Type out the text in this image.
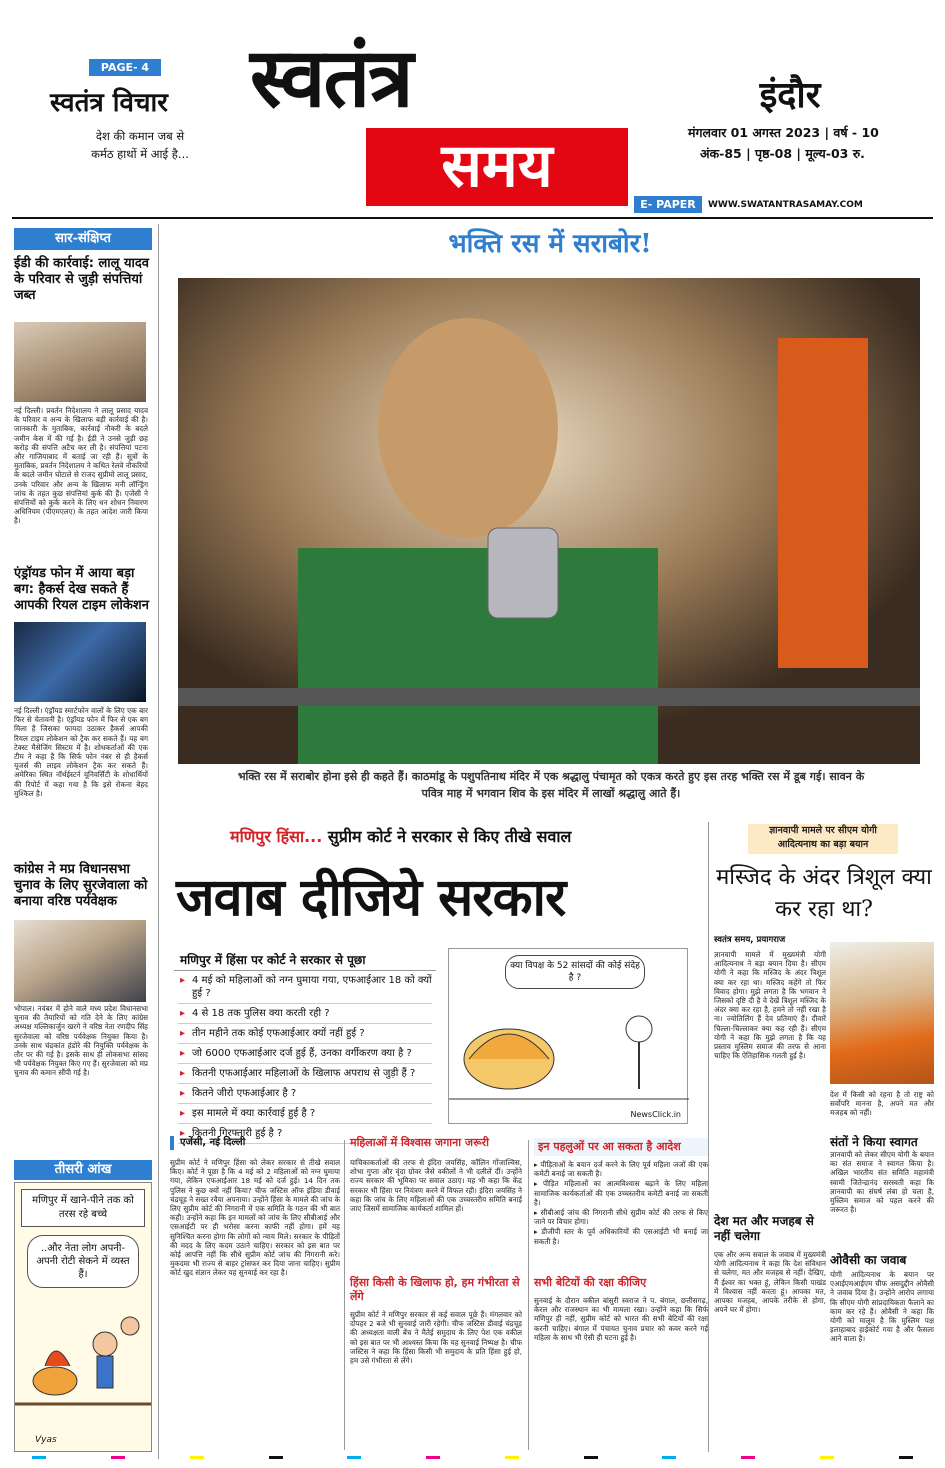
PAGE- 4
स्वतंत्र विचार
देश की कमान जब से
कर्मठ हाथों में आई है...
स्वतंत्र
समय
इंदौर
मंगलवार 01 अगस्त 2023 | वर्ष - 10
अंक-85 | पृष्ठ-08 | मूल्य-03 रु.
E- PAPER	WWW.SWATANTRASAMAY.COM
सार-संक्षिप्त
ईडी की कार्रवाई: लालू यादव के परिवार से जुड़ी संपत्तियां जब्त
नई दिल्ली। प्रवर्तन निदेशालय ने लालू प्रसाद यादव के परिवार व अन्य के खिलाफ बड़ी कार्रवाई की है। जानकारी के मुताबिक, कार्रवाई नौकरी के बदले जमीन केस में की गई है। ईडी ने उनसे जुड़ी छह करोड़ की संपत्ति अटैच कर ली है। संपत्तियां पटना और गाजियाबाद में बताई जा रही हैं। सूत्रों के मुताबिक, प्रवर्तन निदेशालय ने कथित रेलवे नौकरियों के बदले जमीन घोटाले से राजद सुप्रीमो लालू प्रसाद, उनके परिवार और अन्य के खिलाफ मनी लॉन्ड्रिंग जांच के तहत कुछ संपत्तियां कुर्क की हैं। एजेंसी ने संपत्तियों को कुर्क करने के लिए धन शोधन निवारण अधिनियम (पीएमएलए) के तहत आदेश जारी किया है।
एंड्रॉयड फोन में आया बड़ा बग: हैकर्स देख सकते हैं आपकी रियल टाइम लोकेशन
नई दिल्ली। एंड्रॉयड स्मार्टफोन वालों के लिए एक बार फिर से चेतावनी है। एंड्रॉयड फोन में फिर से एक बग मिला है जिसका फायदा उठाकर हैकर्स आपकी रियल टाइम लोकेशन को ट्रैक कर सकते हैं। यह बग टेक्स्ट मैसेजिंग सिस्टम में है। शोधकर्ताओं की एक टीम ने कहा है कि सिर्फ फोन नंबर से ही हैकर्स यूजर्स की लाइव लोकेशन ट्रैक कर सकते हैं। अमेरिका स्थित नॉर्थईस्टर्न यूनिवर्सिटी के शोधार्थियों की रिपोर्ट में कहा गया है कि इसे रोकना बेहद मुश्किल है।
कांग्रेस ने मप्र विधानसभा चुनाव के लिए सुरजेवाला को बनाया वरिष्ठ पर्यवेक्षक
भोपाल। नवंबर में होने वाले मध्य प्रदेश विधानसभा चुनाव की तैयारियों को गति देने के लिए कांग्रेस अध्यक्ष मल्लिकार्जुन खरगे ने वरिष्ठ नेता रणदीप सिंह सुरजेवाला को वरिष्ठ पर्यवेक्षक नियुक्त किया है। उनके साथ चंद्रकांत हंडोरे की नियुक्ति पर्यवेक्षक के तौर पर की गई है। इसके साथ ही लोकसभा सांसद भी पर्यवेक्षक नियुक्त किए गए हैं। सुरजेवाला को मप्र चुनाव की कमान सौंपी गई है।
तीसरी आंख
मणिपुर में खाने-पीने तक को तरस रहे बच्चे
..और नेता लोग अपनी-अपनी रोटी सेकने में व्यस्त हैं।
Vyas
भक्ति रस में सराबोर!
भक्ति रस में सराबोर होना इसे ही कहते हैं। काठमांडू के पशुपतिनाथ मंदिर में एक श्रद्धालु पंचामृत को एकत्र करते हुए इस तरह भक्ति रस में डूब गई। सावन के पवित्र माह में भगवान शिव के इस मंदिर में लाखों श्रद्धालु आते हैं।
मणिपुर हिंसा... सुप्रीम कोर्ट ने सरकार से किए तीखे सवाल
जवाब दीजिये सरकार
मणिपुर में हिंसा पर कोर्ट ने सरकार से पूछा
▸ 4 मई को महिलाओं को नग्न घुमाया गया, एफआईआर 18 को क्यों हुई ?
▸ 4 से 18 तक पुलिस क्या करती रही ?
▸ तीन महीने तक कोई एफआईआर क्यों नहीं हुई ?
▸ जो 6000 एफआईआर दर्ज हुई हैं, उनका वर्गीकरण क्या है ?
▸ कितनी एफआईआर महिलाओं के खिलाफ अपराध से जुड़ी हैं ?
▸ कितने जीरो एफआईआर है ?
▸ इस मामले में क्या कार्रवाई हुई है ?
▸ कितनी गिरफ्तारी हुई है ?
क्या विपक्ष के 52 सांसदों की कोई संदेह है ?
NewsClick.in
एजेंसी, नई दिल्ली
सुप्रीम कोर्ट ने मणिपुर हिंसा को लेकर सरकार से तीखे सवाल किए। कोर्ट ने पूछा है कि 4 मई को 2 महिलाओं को नग्न घुमाया गया, लेकिन एफआईआर 18 मई को दर्ज हुई। 14 दिन तक पुलिस ने कुछ क्यों नहीं किया? चीफ जस्टिस ऑफ इंडिया डीवाई चंद्रचूड़ ने सख्त रवैया अपनाया। उन्होंने हिंसा के मामले की जांच के लिए सुप्रीम कोर्ट की निगरानी में एक समिति के गठन की भी बात कही। उन्होंने कहा कि इन मामलों को जांच के लिए सीबीआई और एसआईटी पर ही भरोसा करना काफी नहीं होगा। हमें यह सुनिश्चित करना होगा कि लोगों को न्याय मिले। सरकार के पीड़ितों की मदद के लिए कदम उठाने चाहिए। सरकार को इस बात पर कोई आपत्ति नहीं कि सीधे सुप्रीम कोर्ट जांच की निगरानी करे। मुकदमा भी राज्य से बाहर ट्रांसफर कर दिया जाना चाहिए। सुप्रीम कोर्ट खुद संज्ञान लेकर यह सुनवाई कर रहा है।
महिलाओं में विश्वास जगाना जरूरी
याचिकाकर्ताओं की तरफ से इंदिरा जयसिंह, कॉलिन गोंजाल्विस, शोभा गुप्ता और वृंदा ग्रोवर जैसे वकीलों ने भी दलीलें दीं। उन्होंने राज्य सरकार की भूमिका पर सवाल उठाए। यह भी कहा कि केंद्र सरकार भी हिंसा पर नियंत्रण करने में विफल रही। इंदिरा जयसिंह ने कहा कि जांच के लिए महिलाओं की एक उच्चस्तरीय समिति बनाई जाए जिसमें सामाजिक कार्यकर्ता शामिल हों।
हिंसा किसी के खिलाफ हो, हम गंभीरता से लेंगे
सुप्रीम कोर्ट ने मणिपुर सरकार से कई सवाल पूछे हैं। मंगलवार को दोपहर 2 बजे भी सुनवाई जारी रहेगी। चीफ जस्टिस डीवाई चंद्रचूड़ की अध्यक्षता वाली बेंच ने मैतेई समुदाय के लिए पेश एक वकील को इस बात पर भी आश्वस्त किया कि यह सुनवाई निष्पक्ष है। चीफ जस्टिस ने कहा कि हिंसा किसी भी समुदाय के प्रति हिंसा हुई हो, हम उसे गंभीरता से लेंगे।
इन पहलुओं पर आ सकता है आदेश

▸ पीड़िताओं के बयान दर्ज करने के लिए पूर्व महिला जजों की एक कमेटी बनाई जा सकती है।

▸ पीड़ित महिलाओं का आत्मविश्वास बढ़ाने के लिए महिला सामाजिक कार्यकर्ताओं की एक उच्चस्तरीय कमेटी बनाई जा सकती है।

▸ सीबीआई जांच की निगरानी सीधे सुप्रीम कोर्ट की तरफ से किए जाने पर विचार होगा।

▸ डीजीपी स्तर के पूर्व अधिकारियों की एसआईटी भी बनाई जा सकती है।

सभी बेटियों की रक्षा कीजिए
सुनवाई के दौरान वकील बांसुरी स्वराज ने प. बंगाल, छत्तीसगढ़, केरल और राजस्थान का भी मामला रखा। उन्होंने कहा कि सिर्फ मणिपुर ही नहीं, सुप्रीम कोर्ट को भारत की सभी बेटियों की रक्षा करनी चाहिए। बंगाल में पंचायत चुनाव प्रचार को कवर करने गई महिला के साथ भी ऐसी ही घटना हुई है।
ज्ञानवापी मामले पर सीएम योगी
आदित्यनाथ का बड़ा बयान
मस्जिद के अंदर त्रिशूल क्या कर रहा था?
स्वतंत्र समय, प्रयागराज
ज्ञानवापी मामले में मुख्यमंत्री योगी आदित्यनाथ ने बड़ा बयान दिया है। सीएम योगी ने कहा कि मस्जिद के अंदर त्रिशूल क्या कर रहा था। मस्जिद कहेंगे तो फिर विवाद होगा। मुझे लगता है कि भगवान ने जिसको दृष्टि दी है वे देखें त्रिशूल मस्जिद के अंदर क्या कर रहा है, हमने तो नहीं रखा है ना। ज्योतिलिंग हैं देव प्रतिमाएं हैं। दीवारें चिल्ला-चिल्लाकर क्या कह रही हैं। सीएम योगी ने कहा कि मुझे लगता है कि यह प्रस्ताव मुस्लिम समाज की तरफ से आना चाहिए कि ऐतिहासिक गलती हुई है।
देश में किसी को रहना है तो राष्ट्र को सर्वोपरि मानना है, अपने मत और मजहब को नहीं।
देश मत और मजहब से नहीं चलेगा
एक और अन्य सवाल के जवाब में मुख्यमंत्री योगी आदित्यनाथ ने कहा कि देश संविधान से चलेगा, मत और मजहब से नहीं। देखिए, मैं ईश्वर का भक्त हूं, लेकिन किसी पाखंड में विश्वास नहीं करता हूं। आपका मत, आपका मजहब, आपके तरीके से होगा, अपने घर में होगा।
संतों ने किया स्वागत
ज्ञानवापी को लेकर सीएम योगी के बयान का संत समाज ने स्वागत किया है। अखिल भारतीय संत समिति महामंत्री स्वामी जितेन्द्रानंद सरस्वती कहा कि ज्ञानवापी का संघर्ष लंबा हो चला है, मुस्लिम समाज को पहल करने की जरूरत है।
ओवैसी का जवाब
योगी आदित्यनाथ के बयान पर एआईएमआईएम चीफ असदुद्दीन ओवैसी ने जवाब दिया है। उन्होंने आरोप लगाया कि सीएम योगी सांप्रदायिकता फैलाने का काम कर रहे हैं। ओवैसी ने कहा कि योगी को मालूम है कि मुस्लिम पक्ष इलाहाबाद हाईकोर्ट गया है और फैसला आने वाला है।
